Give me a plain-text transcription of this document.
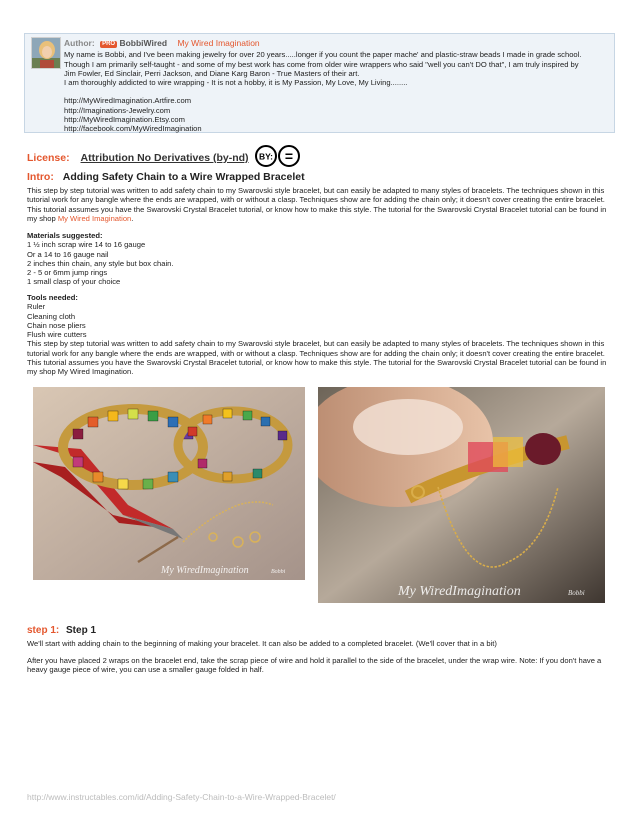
Author: PRO BobbiWired My Wired Imagination

My name is Bobbi, and I've been making jewelry for over 20 years.....longer if you count the paper mache' and plastic-straw beads I made in grade school.

Though I am primarily self-taught - and some of my best work has come from older wire wrappers who said "well you can't DO that", I am truly inspired by

Jim Fowler, Ed Sinclair, Perri Jackson, and Diane Karg Baron - True Masters of their art.

I am thoroughly addicted to wire wrapping - It is not a hobby, it is My Passion, My Love, My Living........

http://MyWiredImagination.Artfire.com
http://Imaginations-Jewelry.com
http://MyWiredImagination.Etsy.com
http://facebook.com/MyWiredImagination
License: Attribution No Derivatives (by-nd) BY: =
Intro: Adding Safety Chain to a Wire Wrapped Bracelet
This step by step tutorial was written to add safety chain to my Swarovski style bracelet, but can easily be adapted to many styles of bracelets. The techniques shown in this tutorial work for any bangle where the ends are wrapped, with or without a clasp. Techniques show are for adding the chain only; it doesn't cover creating the entire bracelet. This tutorial assumes you have the Swarovski Crystal Bracelet tutorial, or know how to make this style. The tutorial for the Swarovski Crystal Bracelet tutorial can be found in my shop My Wired Imagination.
Materials suggested:
1 ½ inch scrap wire 14 to 16 gauge
Or a 14 to 16 gauge nail
2 inches thin chain, any style but box chain.
2 - 5 or 6mm jump rings
1 small clasp of your choice
Tools needed:
Ruler
Cleaning cloth
Chain nose pliers
Flush wire cutters
This step by step tutorial was written to add safety chain to my Swarovski style bracelet, but can easily be adapted to many styles of bracelets. The techniques shown in this tutorial work for any bangle where the ends are wrapped, with or without a clasp. Techniques show are for adding the chain only; it doesn't cover creating the entire bracelet. This tutorial assumes you have the Swarovski Crystal Bracelet tutorial, or know how to make this style. The tutorial for the Swarovski Crystal Bracelet tutorial can be found in my shop My Wired Imagination.
My WiredImagination	Bobbi
My WiredImagination	Bobbi
step 1: Step 1
We'll start with adding chain to the beginning of making your bracelet. It can also be added to a completed bracelet. (We'll cover that in a bit)
After you have placed 2 wraps on the bracelet end, take the scrap piece of wire and hold it parallel to the side of the bracelet, under the wrap wire. Note: If you don't have a heavy gauge piece of wire, you can use a smaller gauge folded in half.
http://www.instructables.com/id/Adding-Safety-Chain-to-a-Wire-Wrapped-Bracelet/
